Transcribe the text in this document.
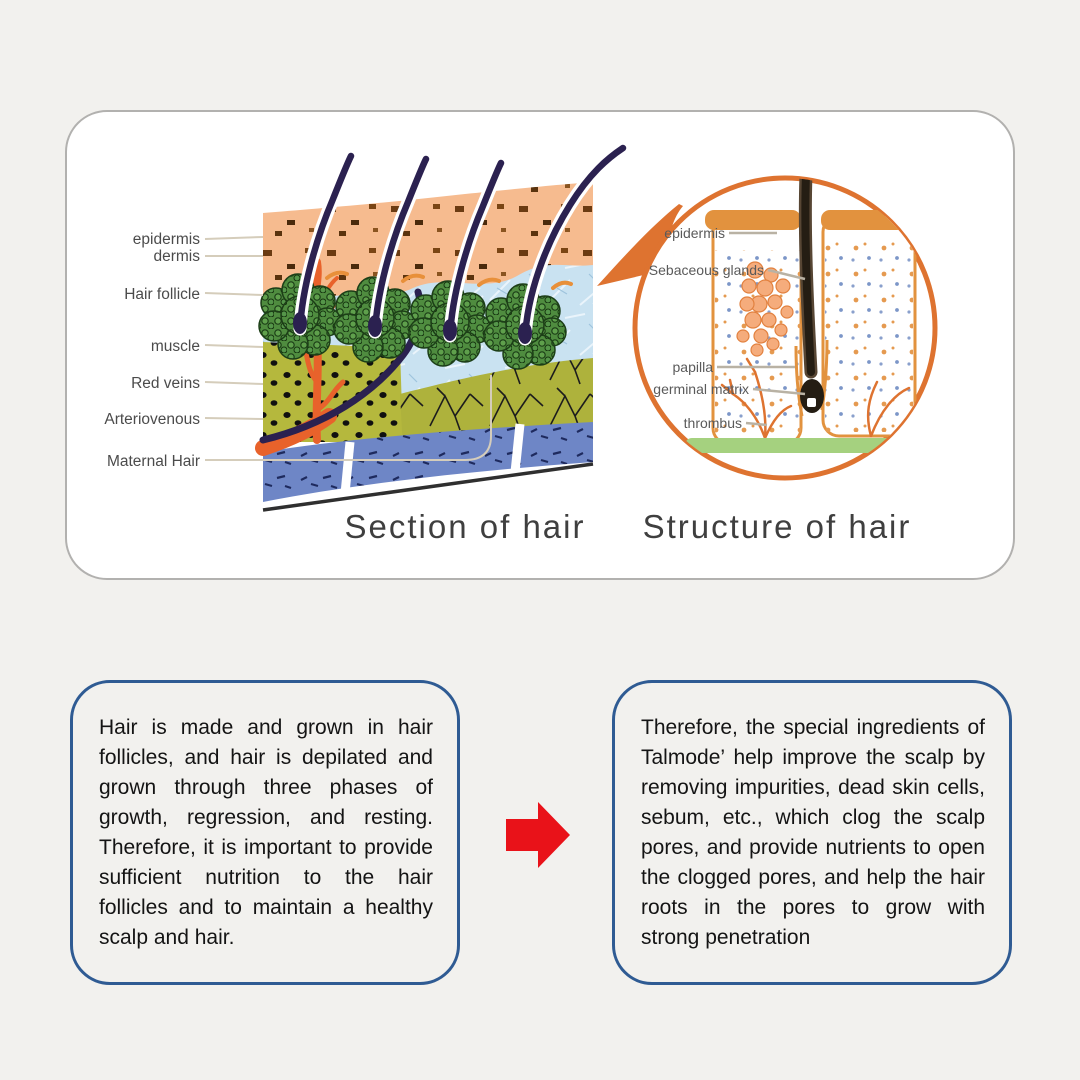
epidermis
dermis
Hair follicle
muscle
Red veins
Arteriovenous
Maternal Hair
epidermis
Sebaceous glands
papilla
germinal matrix
thrombus
Section of hair Structure of hair
Hair is made and grown in hair follicles, and hair is depilated and grown through three phases of growth, regression, and resting. Therefore, it is important to provide sufficient nutrition to the hair follicles and to maintain a healthy scalp and hair.
Therefore, the special ingredients of Talmode’ help improve the scalp by removing impurities, dead skin cells, sebum, etc., which clog the scalp pores, and provide nutrients to open the clogged pores, and help the hair roots in the pores to grow with strong penetration
